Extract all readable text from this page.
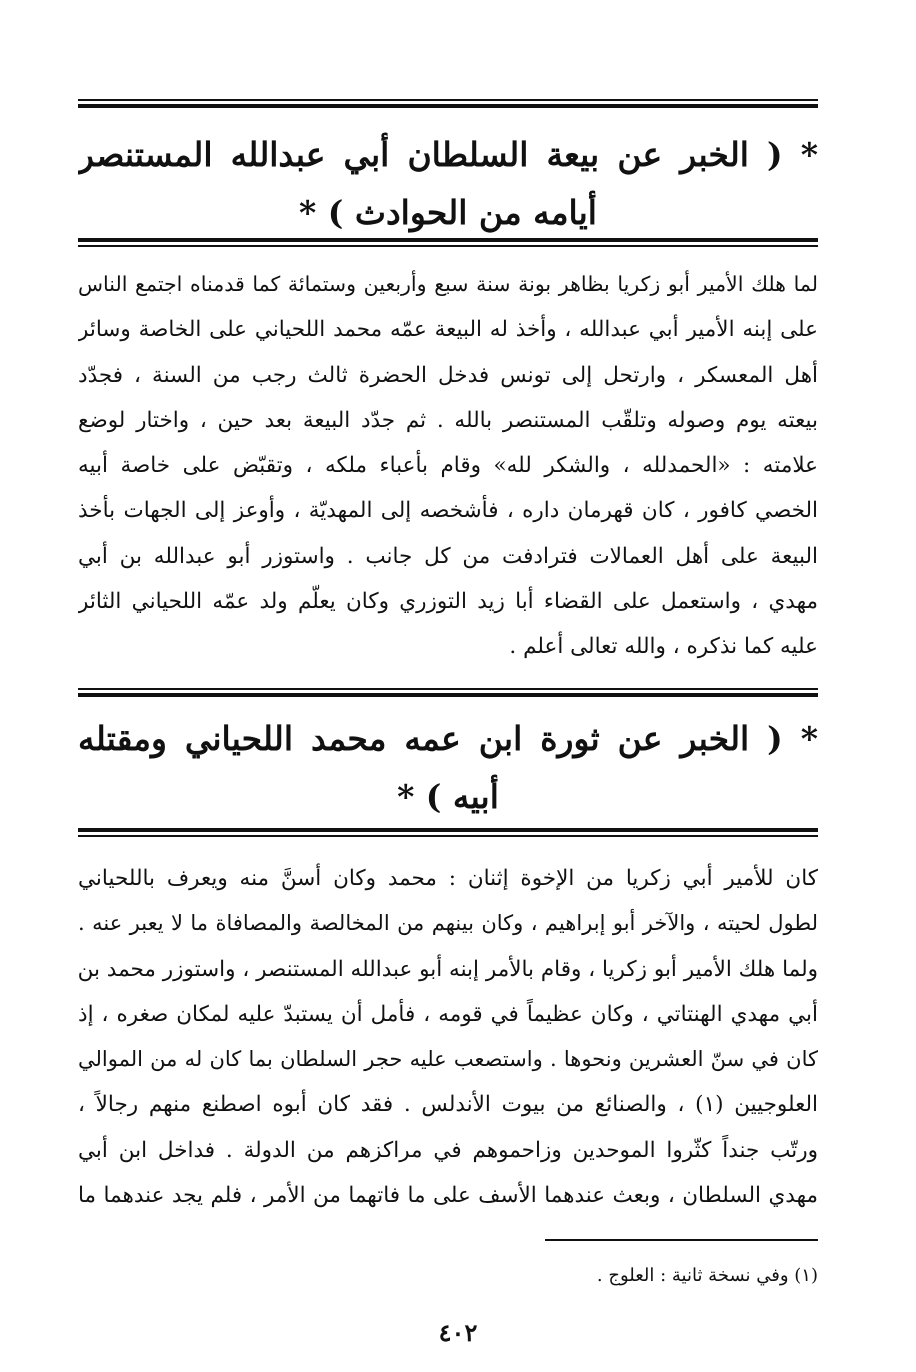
* ( الخبر عن بيعة السلطان أبي عبدالله المستنصر
أيامه من الحوادث ) *
لما هلك الأمير أبو زكريا بظاهر بونة سنة سبع وأربعين وستمائة كما قدمناه اجتمع الناس
على إبنه الأمير أبي عبدالله ، وأخذ له البيعة عمّه محمد اللحياني على الخاصة وسائر
أهل المعسكر ، وارتحل إلى تونس فدخل الحضرة ثالث رجب من السنة ، فجدّد
بيعته يوم وصوله وتلقّب المستنصر بالله . ثم جدّد البيعة بعد حين ، واختار لوضع
علامته : «الحمدلله ، والشكر لله» وقام بأعباء ملكه ، وتقبّض على خاصة أبيه
الخصي كافور ، كان قهرمان داره ، فأشخصه إلى المهديّة ، وأوعز إلى الجهات بأخذ
البيعة على أهل العمالات فترادفت من كل جانب . واستوزر أبو عبدالله بن أبي
مهدي ، واستعمل على القضاء أبا زيد التوزري وكان يعلّم ولد عمّه اللحياني الثائر
عليه كما نذكره ، والله تعالى أعلم .
* ( الخبر عن ثورة ابن عمه محمد اللحياني ومقتله
أبيه ) *
كان للأمير أبي زكريا من الإخوة إثنان : محمد وكان أسنَّ منه ويعرف باللحياني
لطول لحيته ، والآخر أبو إبراهيم ، وكان بينهم من المخالصة والمصافاة ما لا يعبر عنه .
ولما هلك الأمير أبو زكريا ، وقام بالأمر إبنه أبو عبدالله المستنصر ، واستوزر محمد بن
أبي مهدي الهنتاتي ، وكان عظيماً في قومه ، فأمل أن يستبدّ عليه لمكان صغره ، إذ
كان في سنّ العشرين ونحوها . واستصعب عليه حجر السلطان بما كان له من الموالي
العلوجيين (١) ، والصنائع من بيوت الأندلس . فقد كان أبوه اصطنع منهم رجالاً ،
ورتّب جنداً كثّروا الموحدين وزاحموهم في مراكزهم من الدولة . فداخل ابن أبي
مهدي السلطان ، وبعث عندهما الأسف على ما فاتهما من الأمر ، فلم يجد عندهما ما
(١) وفي نسخة ثانية : العلوج .
٤٠٢
